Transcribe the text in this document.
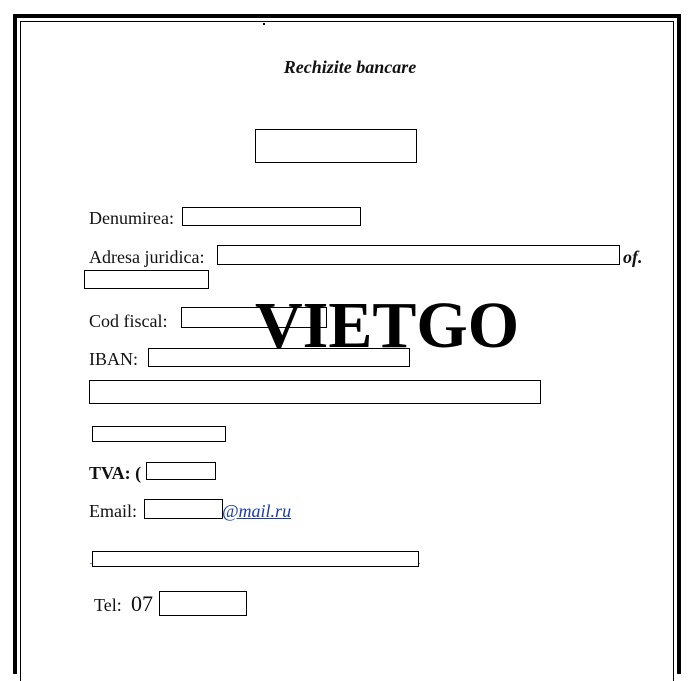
Rechizite bancare
Denumirea:
Adresa juridica:	of.
Cod fiscal:
IBAN: VIETGO
TVA: (
Email:	@mail.ru
Tel: 07
